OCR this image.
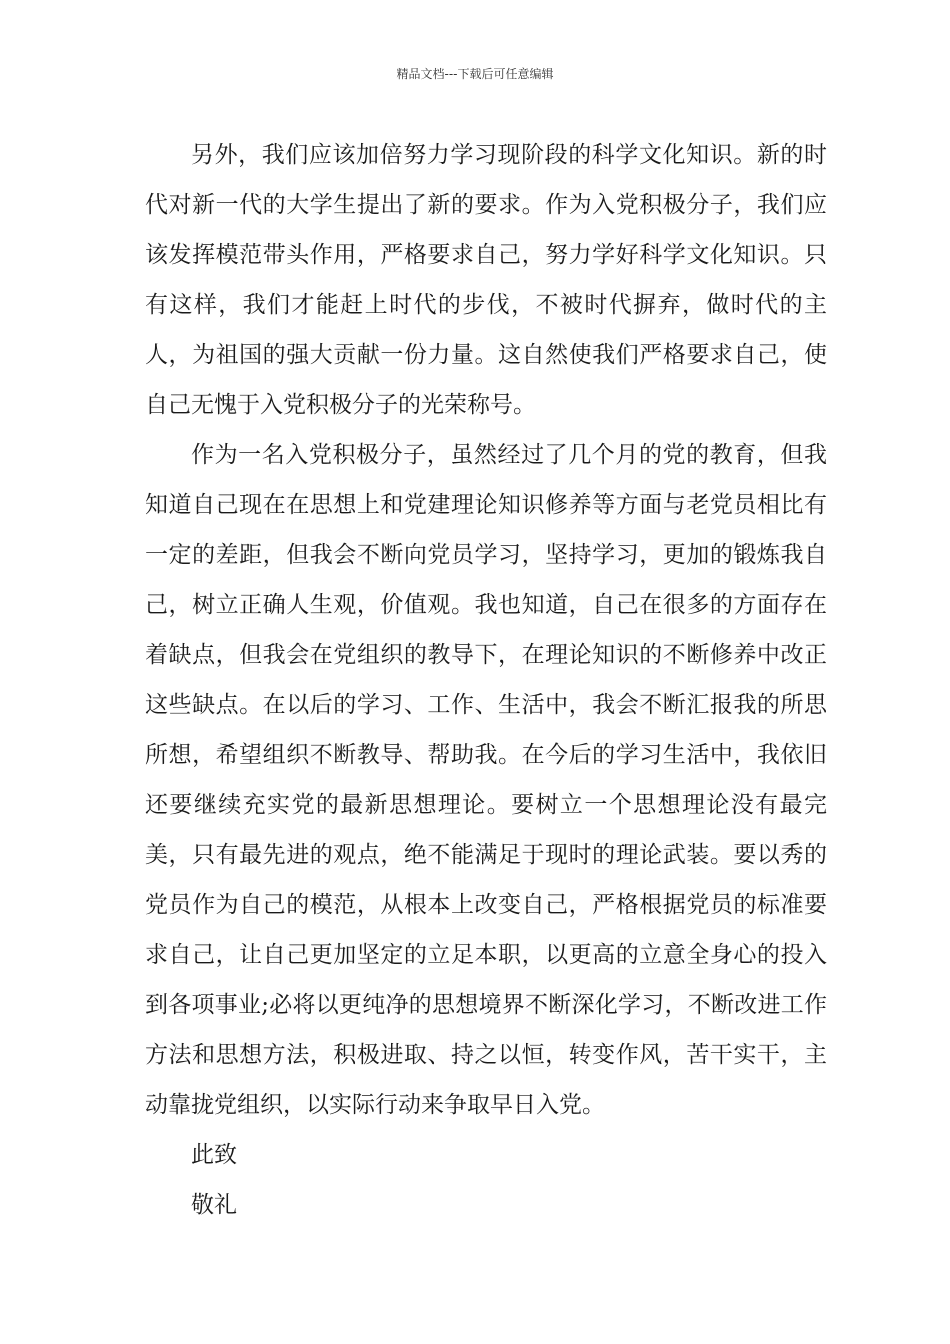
精品文档---下载后可任意编辑

另外，我们应该加倍努力学习现阶段的科学文化知识。新的时代对新一代的大学生提出了新的要求。作为入党积极分子，我们应该发挥模范带头作用，严格要求自己，努力学好科学文化知识。只有这样，我们才能赶上时代的步伐，不被时代摒弃，做时代的主人，为祖国的强大贡献一份力量。这自然使我们严格要求自己，使自己无愧于入党积极分子的光荣称号。

作为一名入党积极分子，虽然经过了几个月的党的教育，但我知道自己现在在思想上和党建理论知识修养等方面与老党员相比有一定的差距，但我会不断向党员学习，坚持学习，更加的锻炼我自己，树立正确人生观，价值观。我也知道，自己在很多的方面存在着缺点，但我会在党组织的教导下，在理论知识的不断修养中改正这些缺点。在以后的学习、工作、生活中，我会不断汇报我的所思所想，希望组织不断教导、帮助我。在今后的学习生活中，我依旧还要继续充实党的最新思想理论。要树立一个思想理论没有最完美，只有最先进的观点，绝不能满足于现时的理论武装。要以秀的党员作为自己的模范，从根本上改变自己，严格根据党员的标准要求自己，让自己更加坚定的立足本职，以更高的立意全身心的投入到各项事业;必将以更纯净的思想境界不断深化学习，不断改进工作方法和思想方法，积极进取、持之以恒，转变作风，苦干实干，主动靠拢党组织，以实际行动来争取早日入党。

此致

敬礼
